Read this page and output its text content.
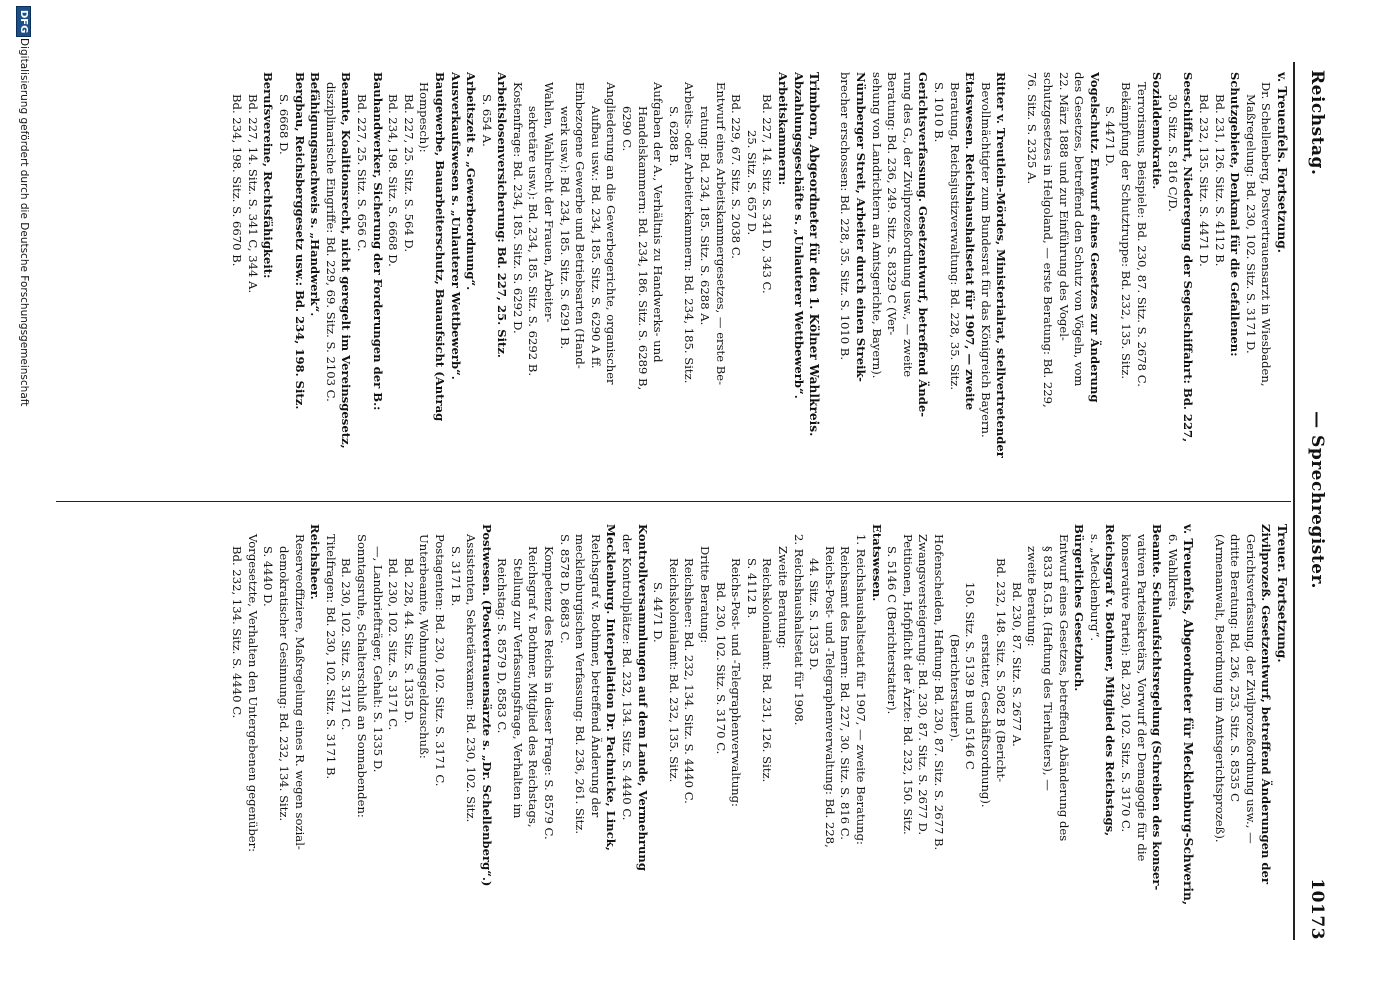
Reichstag.
— Sprechregister.
10173
v. Treuenfels. Fortsetzung.
Dr. Schellenberg, Postvertrauensarzt in Wiesbaden,
Maßregelung: Bd. 230, 102. Sitz. S. 3171 D.
Schutzgebiete, Denkmal für die Gefallenen:
Bd. 231, 126. Sitz. S. 4112 B.
Bd. 232, 135. Sitz. S. 4471 D.
Seeschiffahrt, Niederegung der Segelschiffahrt: Bd. 227,
30. Sitz. S. 816 C/D.
Sozialdemokratie.
Terrorismus, Beispiele: Bd. 230, 87. Sitz. S. 2678 C.
Bekämpfung der Schutztruppe: Bd. 232, 135. Sitz.
S. 4471 D.
Vogelschutz. Entwurf eines Gesetzes zur Änderung
des Gesetzes, betreffend den Schutz von Vögeln, vom
22. März 1888 und zur Einführung des Vogel-
schutzgesetzes in Helgoland, — erste Beratung: Bd. 229,
76. Sitz. S. 2325 A.

Ritter v. Treutlein-Mördes, Ministerialrat, stellvertretender
Bevollmächtigter zum Bundesrat für das Königreich Bayern.
Etatswesen. Reichshaushaltsetat für 1907, — zweite
Beratung, Reichsjustizverwaltung: Bd. 228, 35. Sitz.
S. 1010 B.
Gerichtsverfassung. Gesetzentwurf, betreffend Ände-
rung des G., der Zivilprozeßordnung usw., — zweite
Beratung: Bd. 236, 249. Sitz. S. 8329 C (Ver-
sehung von Landrichtern an Amtsgerichte, Bayern).
Nürnberger Streit, Arbeiter durch einen Streik-
brecher erschossen: Bd. 228, 35. Sitz. S. 1010 B.

Trimborn, Abgeordneter für den 1. Kölner Wahlkreis.
Abzahlungsgeschäfte s. „Unlauterer Wettbewerb“.
Arbeitskammern:
Bd. 227, 14. Sitz. S. 341 D, 343 C.
25. Sitz. S. 657 D.
Bd. 229, 67. Sitz. S. 2038 C.
Entwurf eines Arbeitskammergesetzes, — erste Be-
ratung: Bd. 234, 185. Sitz. S. 6288 A.
Arbeits- oder Arbeiterkammern: Bd. 234, 185. Sitz.
S. 6288 B.
Aufgaben der A., Verhältnis zu Handwerks- und
Handelskammern: Bd. 234, 186. Sitz. S. 6289 B,
6290 C.
Angliederung an die Gewerbegerichte, organischer
Aufbau usw.: Bd. 234, 185. Sitz. S. 6290 A ff.
Einbezogene Gewerbe und Betriebsarten (Hand-
werk usw.): Bd. 234, 185. Sitz. S. 6291 B.
Wahlen, Wahlrecht der Frauen, Arbeiter-
sekretäre usw.): Bd. 234, 185. Sitz. S. 6292 B.
Kostenfrage: Bd. 234, 185. Sitz. S. 6292 D.
Arbeitslosenversicherung: Bd. 227, 25. Sitz.
S. 654 A.
Arbeitszeit s. „Gewerbeordnung“.
Ausverkaufswesen s. „Unlauterer Wettbewerb“.
Baugewerbe, Bauarbeiterschutz, Bauaufsicht (Antrag
Hompesch):
Bd. 227, 25. Sitz. S. 564 D.
Bd. 234, 198. Sitz. S. 6668 D.
Bauhandwerker, Sicherung der Forderungen der B.:
Bd. 227, 25. Sitz. S. 656 C.
Beamte, Koalitionsrecht, nicht geregelt im Vereinsgesetz,
disziplinarische Eingriffe: Bd. 229, 69. Sitz. S. 2103 C.
Befähigungsnachweis s. „Handwerk“.
Bergbau, Reichsberggesetz usw.: Bd. 234, 198. Sitz.
S. 6668 D.
Berufsvereine, Rechtsfähigkeit:
Bd. 227, 14. Sitz. S. 341 C, 344 A.
Bd. 234, 198. Sitz. S. 6670 B.
Treuer. Fortsetzung.
Zivilprozeß. Gesetzentwurf, betreffend Änderungen der
Gerichtsverfassung, der Zivilprozeßordnung usw., —
dritte Beratung: Bd. 236, 253. Sitz. S. 8535 C
(Armenanwalt, Beiordnung im Amtsgerichtsprozeß).

v. Treuenfels, Abgeordneter für Mecklenburg-Schwerin,
6. Wahlkreis.
Beamte. Schulaufsichtsregelung (Schreiben des konser-
vativen Parteisekretärs, Vorwurf der Demagogie für die
konservative Partei): Bd. 230, 102. Sitz. S. 3170 C.
Reichsgraf v. Bothmer, Mitglied des Reichstags,
s. „Mecklenburg“.
Bürgerliches Gesetzbuch.
Entwurf eines Gesetzes, betreffend Abänderung des
§ 833 B.G.B. (Haftung des Tierhalters), —
zweite Beratung:
Bd. 230, 87. Sitz. S. 2677 A.
Bd. 232, 148. Sitz. S. 5082 B (Bericht-
erstatter, Geschäftsordnung).
150. Sitz. S. 5139 B und 5146 C
(Berichterstatter).
Hofenscheiden, Haftung: Bd. 230, 87. Sitz. S. 2677 B.
Zwangsversteigerung: Bd. 230, 87. Sitz. S. 2677 D.
Petitionen, Hofpflicht der Ärzte: Bd. 232, 150. Sitz.
S. 5146 C (Berichterstatter).
Etatswesen.
1. Reichshaushaltsetat für 1907, — zweite Beratung:
Reichsamt des Innern: Bd. 227, 30. Sitz. S. 816 C.
Reichs-Post- und -Telegraphenverwaltung: Bd. 228,
44. Sitz. S. 1335 D.
2. Reichshaushaltsetat für 1908.
Zweite Beratung:
Reichskolonialamt: Bd. 231, 126. Sitz.
S. 4112 B.
Reichs-Post- und -Telegraphenverwaltung:
Bd. 230, 102. Sitz. S. 3170 C.
Dritte Beratung:
Reichsheer: Bd. 232, 134. Sitz. S. 4440 C.
Reichskolonialamt: Bd. 232, 135. Sitz.
S. 4471 D.
Kontrollversammlungen auf dem Lande, Vermehrung
der Kontrollplätze: Bd. 232, 134. Sitz. S. 4440 C.
Mecklenburg. Interpellation Dr. Pachnicke, Linck,
Reichsgraf v. Bothmer, betreffend Änderung der
mecklenburgischen Verfassung: Bd. 236, 261. Sitz.
S. 8578 D, 8683 C.
Kompetenz des Reichs in dieser Frage: S. 8579 C.
Reichsgraf v. Bothmer, Mitglied des Reichstags,
Stellung zur Verfassungsfrage, Verhalten im
Reichstag: S. 8579 D, 8583 C.
Postwesen. (Postvertrauensärzte s. „Dr. Schellenberg“.)
Assistenten, Sekretärexamen: Bd. 230, 102. Sitz.
S. 3171 B.
Postagenten: Bd. 230, 102. Sitz. S. 3171 C.
Unterbeamte, Wohnungsgeldzuschuß:
Bd. 228, 44. Sitz. S. 1335 D.
Bd. 230, 102. Sitz. S. 3171 C.
—, Landbriefträger, Gehalt: S. 1335 D.
Sonntagsruhe, Schalterschluß an Sonnabenden:
Bd. 230, 102. Sitz. S. 3171 C.
Titelfragen: Bd. 230, 102. Sitz. S. 3171 B.
Reichsheer.
Reserveoffiziere, Maßregelung eines R. wegen sozial-
demokratischer Gesinnung: Bd. 232, 134. Sitz.
S. 4440 D.
Vorgesetzte, Verhalten den Untergebenen gegenüber:
Bd. 232, 134. Sitz. S. 4440 C.
DFG
Digitalisierung gefördert durch die Deutsche Forschungsgemeinschaft
